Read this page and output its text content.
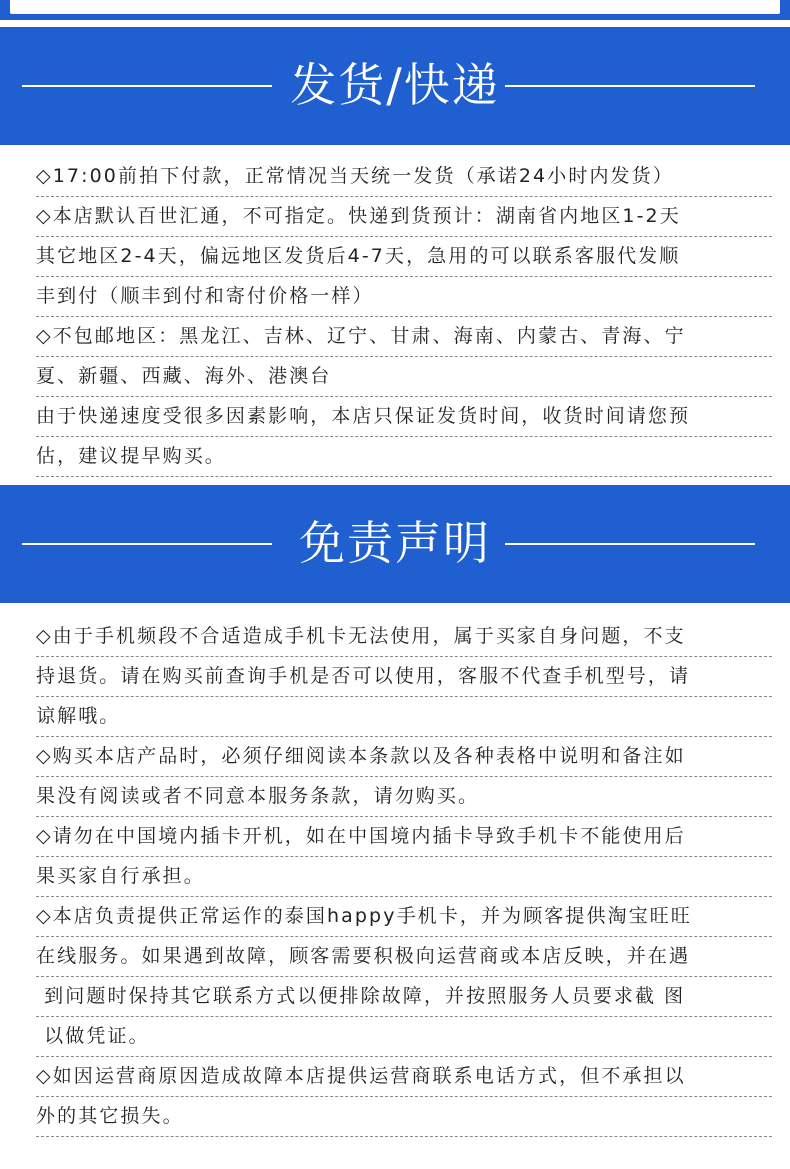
发货/快递
◇17:00前拍下付款，正常情况当天统一发货（承诺24小时内发货）
◇本店默认百世汇通，不可指定。快递到货预计：湖南省内地区1-2天
其它地区2-4天，偏远地区发货后4-7天，急用的可以联系客服代发顺
丰到付（顺丰到付和寄付价格一样）
◇不包邮地区：黑龙江、吉林、辽宁、甘肃、海南、内蒙古、青海、宁
夏、新疆、西藏、海外、港澳台
由于快递速度受很多因素影响，本店只保证发货时间，收货时间请您预
估，建议提早购买。
免责声明
◇由于手机频段不合适造成手机卡无法使用，属于买家自身问题，不支
持退货。请在购买前查询手机是否可以使用，客服不代查手机型号，请
谅解哦。
◇购买本店产品时，必须仔细阅读本条款以及各种表格中说明和备注如
果没有阅读或者不同意本服务条款，请勿购买。
◇请勿在中国境内插卡开机，如在中国境内插卡导致手机卡不能使用后
果买家自行承担。
◇本店负责提供正常运作的泰国happy手机卡，并为顾客提供淘宝旺旺
在线服务。如果遇到故障，顾客需要积极向运营商或本店反映，并在遇
到问题时保持其它联系方式以便排除故障，并按照服务人员要求截 图
以做凭证。
◇如因运营商原因造成故障本店提供运营商联系电话方式，但不承担以
外的其它损失。
